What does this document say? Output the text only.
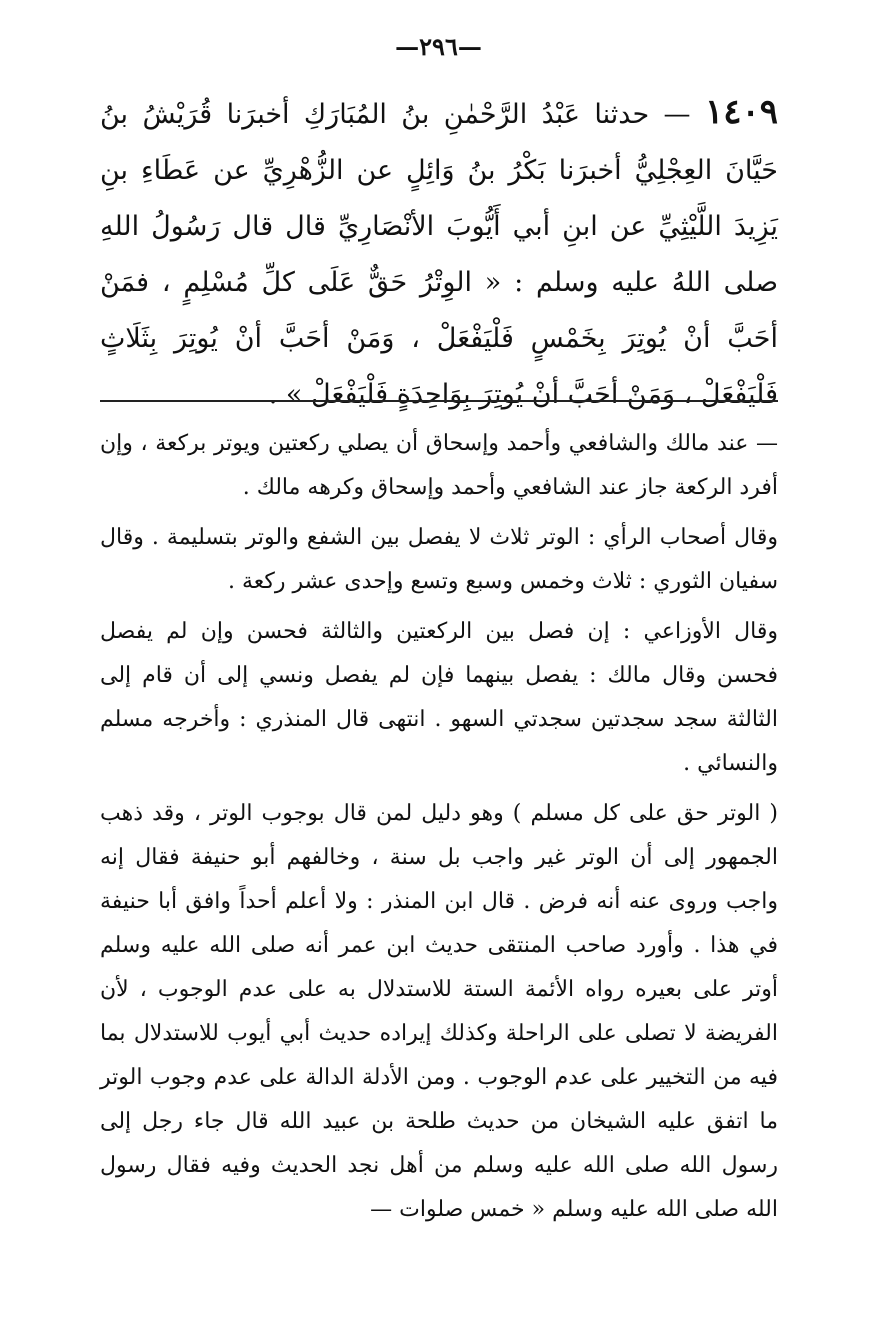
—٢٩٦—
١٤٠٩ — حدثنا عَبْدُ الرَّحْمٰنِ بنُ المُبَارَكِ أخبرَنا قُرَيْشُ بنُ حَيَّانَ العِجْلِيُّ أخبرَنا بَكْرُ بنُ وَائِلٍ عن الزُّهْرِيِّ عن عَطَاءِ بنِ يَزِيدَ اللَّيْثِيِّ عن ابنِ أبي أَيُّوبَ الأنْصَارِيِّ قال قال رَسُولُ اللهِ صلى اللهُ عليه وسلم : « الوِتْرُ حَقٌّ عَلَى كلِّ مُسْلِمٍ ، فمَنْ أحَبَّ أنْ يُوتِرَ بِخَمْسٍ فَلْيَفْعَلْ ، وَمَنْ أحَبَّ أنْ يُوتِرَ بِثَلَاثٍ فَلْيَفْعَلْ ، وَمَنْ أحَبَّ أنْ يُوتِرَ بِوَاحِدَةٍ فَلْيَفْعَلْ » .

— عند مالك والشافعي وأحمد وإسحاق أن يصلي ركعتين ويوتر بركعة ، وإن أفرد الركعة جاز عند الشافعي وأحمد وإسحاق وكرهه مالك .

وقال أصحاب الرأي : الوتر ثلاث لا يفصل بين الشفع والوتر بتسليمة . وقال سفيان الثوري : ثلاث وخمس وسبع وتسع وإحدى عشر ركعة .

وقال الأوزاعي : إن فصل بين الركعتين والثالثة فحسن وإن لم يفصل فحسن وقال مالك : يفصل بينهما فإن لم يفصل ونسي إلى أن قام إلى الثالثة سجد سجدتين سجدتي السهو . انتهى قال المنذري : وأخرجه مسلم والنسائي .

( الوتر حق على كل مسلم ) وهو دليل لمن قال بوجوب الوتر ، وقد ذهب الجمهور إلى أن الوتر غير واجب بل سنة ، وخالفهم أبو حنيفة فقال إنه واجب وروى عنه أنه فرض . قال ابن المنذر : ولا أعلم أحداً وافق أبا حنيفة في هذا . وأورد صاحب المنتقى حديث ابن عمر أنه صلى الله عليه وسلم أوتر على بعيره رواه الأئمة الستة للاستدلال به على عدم الوجوب ، لأن الفريضة لا تصلى على الراحلة وكذلك إيراده حديث أبي أيوب للاستدلال بما فيه من التخيير على عدم الوجوب . ومن الأدلة الدالة على عدم وجوب الوتر ما اتفق عليه الشيخان من حديث طلحة بن عبيد الله قال جاء رجل إلى رسول الله صلى الله عليه وسلم من أهل نجد الحديث وفيه فقال رسول الله صلى الله عليه وسلم « خمس صلوات —
